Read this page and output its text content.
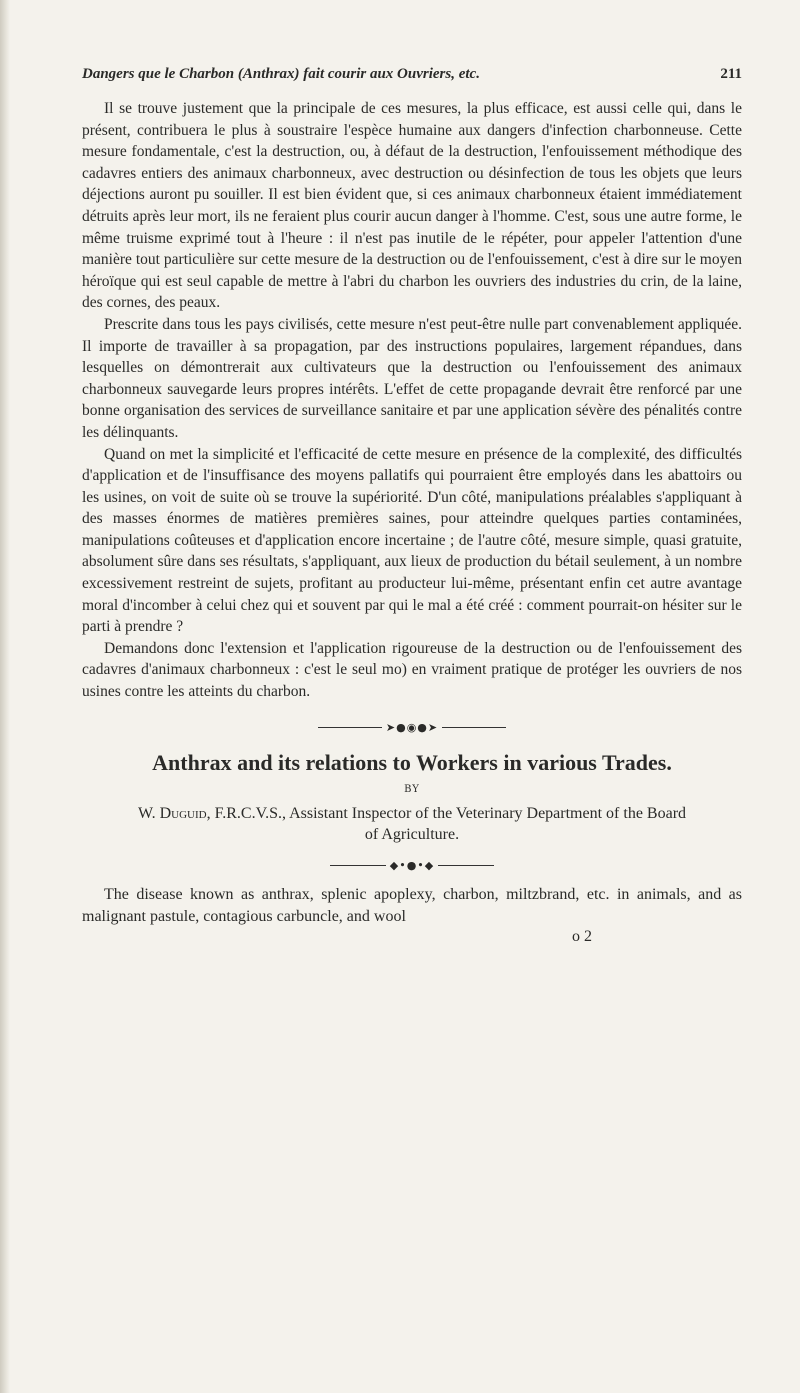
Dangers que le Charbon (Anthrax) fait courir aux Ouvriers, etc.	211

Il se trouve justement que la principale de ces mesures, la plus efficace, est aussi celle qui, dans le présent, contribuera le plus à soustraire l'espèce humaine aux dangers d'infection charbonneuse. Cette mesure fondamentale, c'est la destruction, ou, à défaut de la destruction, l'enfouissement méthodique des cadavres entiers des animaux charbonneux, avec destruction ou désinfection de tous les objets que leurs déjections auront pu souiller. Il est bien évident que, si ces animaux charbonneux étaient immédiatement détruits après leur mort, ils ne feraient plus courir aucun danger à l'homme. C'est, sous une autre forme, le même truisme exprimé tout à l'heure : il n'est pas inutile de le répéter, pour appeler l'attention d'une manière tout particulière sur cette mesure de la destruction ou de l'enfouissement, c'est à dire sur le moyen héroïque qui est seul capable de mettre à l'abri du charbon les ouvriers des industries du crin, de la laine, des cornes, des peaux.

Prescrite dans tous les pays civilisés, cette mesure n'est peut-être nulle part convenablement appliquée. Il importe de travailler à sa propagation, par des instructions populaires, largement répandues, dans lesquelles on démontrerait aux cultivateurs que la destruction ou l'enfouissement des animaux charbonneux sauvegarde leurs propres intérêts. L'effet de cette propagande devrait être renforcé par une bonne organisation des services de surveillance sanitaire et par une application sévère des pénalités contre les délinquants.

Quand on met la simplicité et l'efficacité de cette mesure en présence de la complexité, des difficultés d'application et de l'insuffisance des moyens pallatifs qui pourraient être employés dans les abattoirs ou les usines, on voit de suite où se trouve la supériorité. D'un côté, manipulations préalables s'appliquant à des masses énormes de matières premières saines, pour atteindre quelques parties contaminées, manipulations coûteuses et d'application encore incertaine ; de l'autre côté, mesure simple, quasi gratuite, absolument sûre dans ses résultats, s'appliquant, aux lieux de production du bétail seulement, à un nombre excessivement restreint de sujets, profitant au producteur lui-même, présentant enfin cet autre avantage moral d'incomber à celui chez qui et souvent par qui le mal a été créé : comment pourrait-on hésiter sur le parti à prendre ?

Demandons donc l'extension et l'application rigoureuse de la destruction ou de l'enfouissement des cadavres d'animaux charbonneux : c'est le seul mo) en vraiment pratique de protéger les ouvriers de nos usines contre les atteints du charbon.

➤●◉●➤
Anthrax and its relations to Workers in various Trades.
BY
W. Duguid, F.R.C.V.S., Assistant Inspector of the Veterinary Department of the Board of Agriculture.
◆•●•◆

The disease known as anthrax, splenic apoplexy, charbon, miltzbrand, etc. in animals, and as malignant pastule, contagious carbuncle, and wool

o 2
